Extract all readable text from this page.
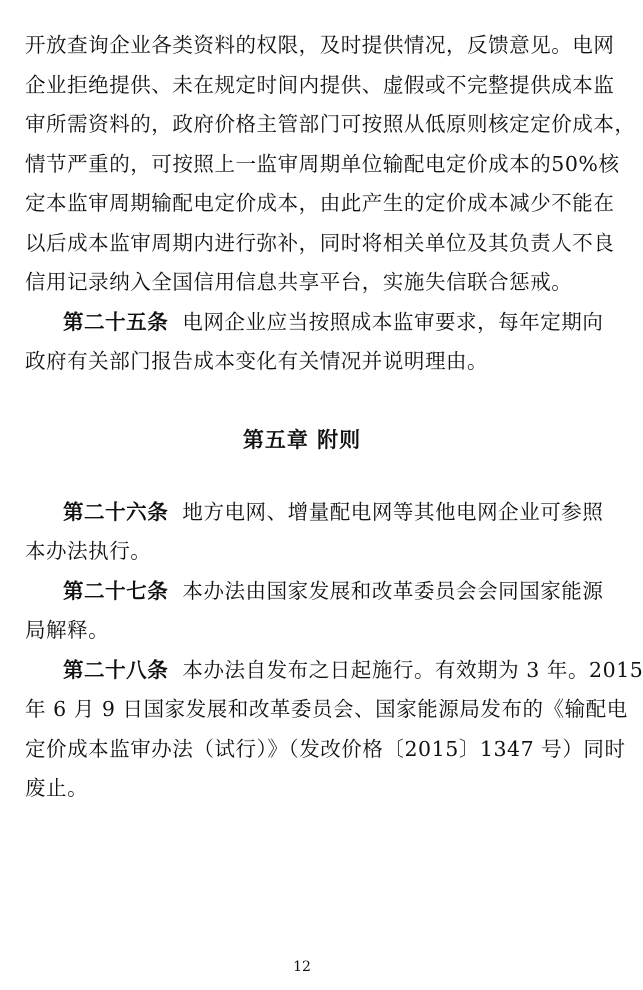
开放查询企业各类资料的权限，及时提供情况，反馈意见。电网
企业拒绝提供、未在规定时间内提供、虚假或不完整提供成本监
审所需资料的，政府价格主管部门可按照从低原则核定定价成本，
情节严重的，可按照上一监审周期单位输配电定价成本的50%核
定本监审周期输配电定价成本，由此产生的定价成本减少不能在
以后成本监审周期内进行弥补，同时将相关单位及其负责人不良
信用记录纳入全国信用信息共享平台，实施失信联合惩戒。
第二十五条 电网企业应当按照成本监审要求，每年定期向
政府有关部门报告成本变化有关情况并说明理由。
第五章 附则
第二十六条 地方电网、增量配电网等其他电网企业可参照
本办法执行。
第二十七条 本办法由国家发展和改革委员会会同国家能源
局解释。
第二十八条 本办法自发布之日起施行。有效期为 3 年。2015
年 6 月 9 日国家发展和改革委员会、国家能源局发布的《输配电
定价成本监审办法（试行）》（发改价格〔2015〕1347 号）同时
废止。
12
